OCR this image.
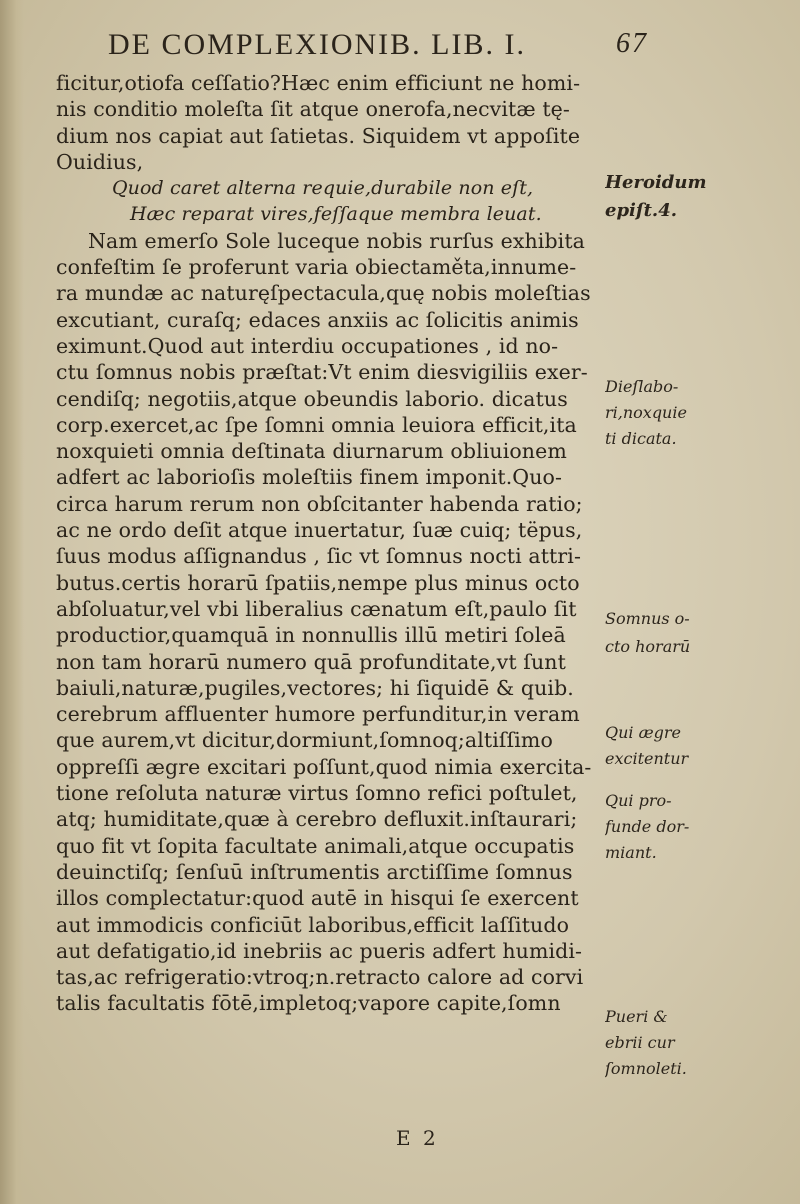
DE COMPLEXIONIB. LIB. I.	67
ficitur,otiofa ceſſatio?Hæc enim efficiunt ne homi-
nis conditio moleſta ſit atque onerofa,necvitæ tę-
dium nos capiat aut ſatietas. Siquidem vt appoſite
Ouidius,
Quod caret alterna requie,durabile non eſt,
Hæc reparat vires,feſſaque membra leuat.
Nam emerſo Sole luceque nobis rurſus exhibita
confeſtim ſe proferunt varia obiectaměta,innume-
ra mundæ ac naturęſpectacula,quę nobis moleſtias
excutiant, curaſq; edaces anxiis ac ſolicitis animis
eximunt.Quod aut interdiu occupationes , id no-
ctu ſomnus nobis præſtat:Vt enim diesvigiliis exer-
cendiſq; negotiis,atque obeundis laborio. dicatus
corp.exercet,ac ſpe ſomni omnia leuiora efficit,ita
noxquieti omnia deſtinata diurnarum obliuionem
adfert ac laborioſis moleſtiis finem imponit.Quo-
circa harum rerum non obſcitanter habenda ratio;
ac ne ordo deſit atque inuertatur, ſuæ cuiq; tëpus,
ſuus modus aſſignandus , ſic vt ſomnus nocti attri-
butus.certis horarū ſpatiis,nempe plus minus octo
abſoluatur,vel vbi liberalius cænatum eſt,paulo ſit
productior,quamquā in nonnullis illū metiri ſoleā
non tam horarū numero quā profunditate,vt ſunt
baiuli,naturæ,pugiles,vectores; hi ſiquidē & quib.
cerebrum affluenter humore perfunditur,in veram
que aurem,vt dicitur,dormiunt,ſomnoq;altiſſimo
oppreſſi ægre excitari poſſunt,quod nimia exercita-
tione reſoluta naturæ virtus ſomno refici poſtulet,
atq; humiditate,quæ à cerebro defluxit.inſtaurari;
quo fit vt ſopita facultate animali,atque occupatis
deuinctiſq; ſenſuū inſtrumentis arctiſſime ſomnus
illos complectatur:quod autē in hisqui ſe exercent
aut immodicis conficiūt laboribus,efficit laſſitudo
aut defatigatio,id inebriis ac pueris adfert humidi-
tas,ac refrigeratio:vtroq;n.retracto calore ad corvi
talis facultatis fōtē,impletoq;vapore capite,ſomn
Heroidum
epiſt.4.
Dieſlabo-
ri,noxquie
ti dicata.
Somnus o-
cto horarū
Qui ægre
excitentur
Qui pro-
funde dor-
miant.
Pueri &
ebrii cur
ſomnoleti.
E 2
